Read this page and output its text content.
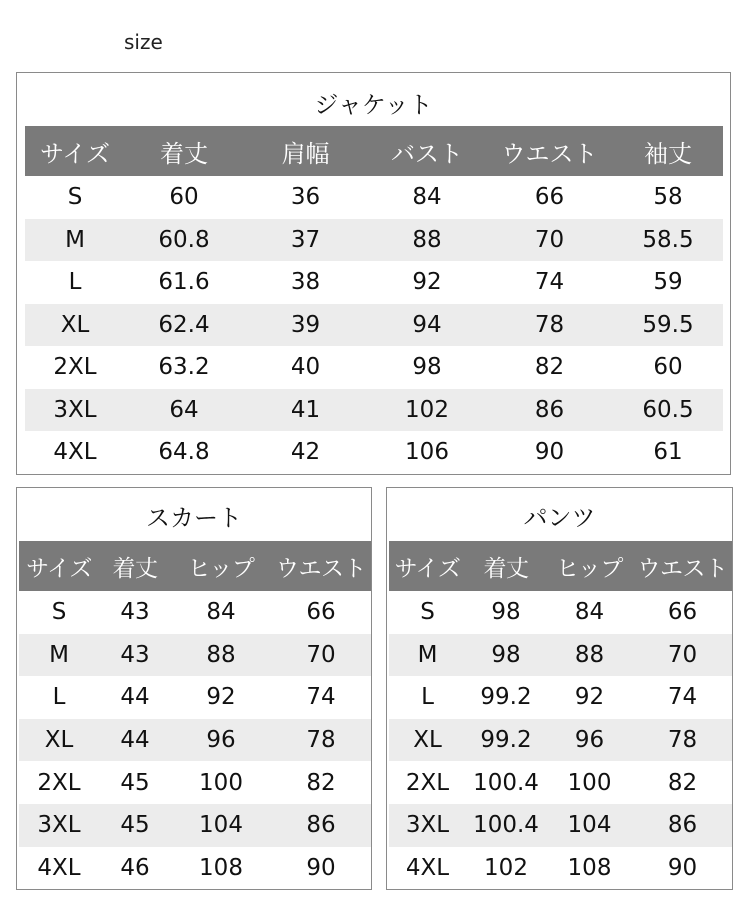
size
ジャケット
サイズ	着丈	肩幅	バスト	ウエスト	袖丈
S	60	36	84	66	58
M	60.8	37	88	70	58.5
L	61.6	38	92	74	59
XL	62.4	39	94	78	59.5
2XL	63.2	40	98	82	60
3XL	64	41	102	86	60.5
4XL	64.8	42	106	90	61
スカート
サイズ	着丈	ヒップ	ウエスト
S	43	84	66
M	43	88	70
L	44	92	74
XL	44	96	78
2XL	45	100	82
3XL	45	104	86
4XL	46	108	90
パンツ
サイズ	着丈	ヒップ	ウエスト
S	98	84	66
M	98	88	70
L	99.2	92	74
XL	99.2	96	78
2XL	100.4	100	82
3XL	100.4	104	86
4XL	102	108	90
